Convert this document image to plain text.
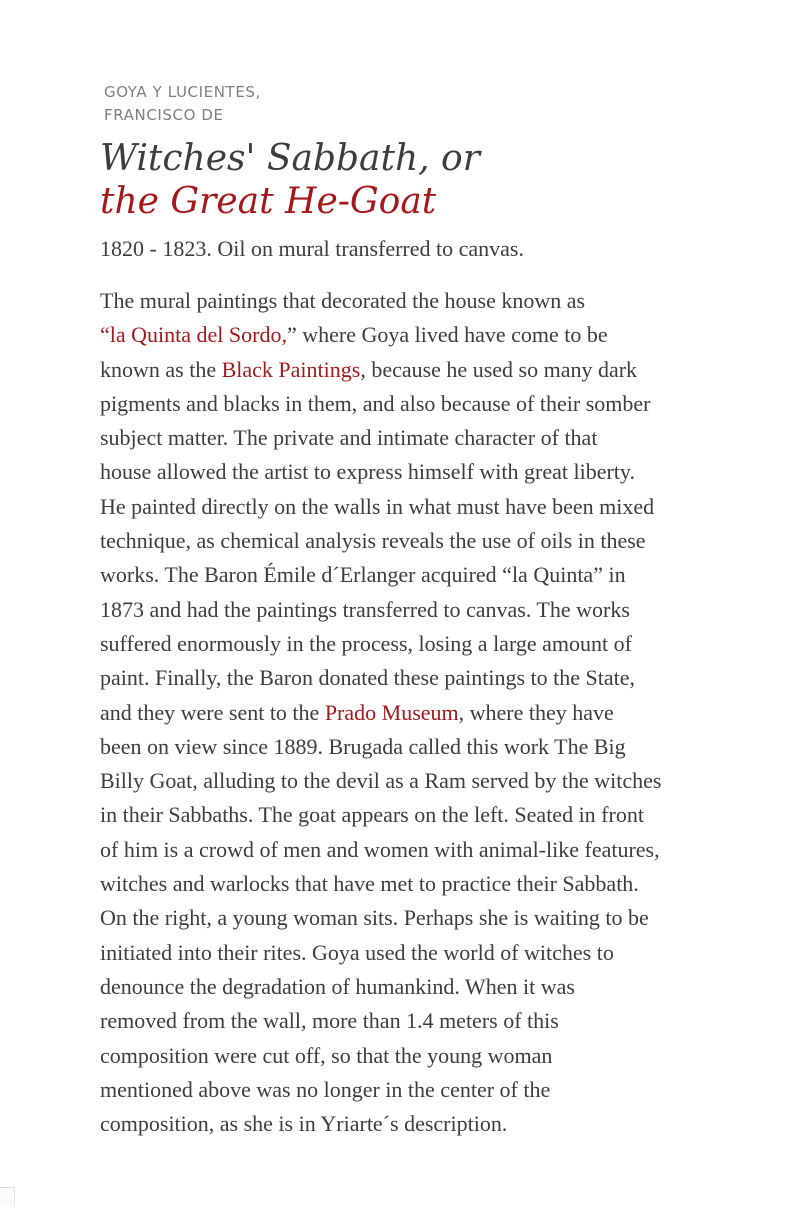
GOYA Y LUCIENTES,
FRANCISCO DE
Witches' Sabbath, or
the Great He-Goat

1820 - 1823. Oil on mural transferred to canvas.

The mural paintings that decorated the house known as
“la Quinta del Sordo,” where Goya lived have come to be
known as the Black Paintings, because he used so many dark
pigments and blacks in them, and also because of their somber
subject matter. The private and intimate character of that
house allowed the artist to express himself with great liberty.
He painted directly on the walls in what must have been mixed
technique, as chemical analysis reveals the use of oils in these
works. The Baron Émile d´Erlanger acquired “la Quinta” in
1873 and had the paintings transferred to canvas. The works
suffered enormously in the process, losing a large amount of
paint. Finally, the Baron donated these paintings to the State,
and they were sent to the Prado Museum, where they have
been on view since 1889. Brugada called this work The Big
Billy Goat, alluding to the devil as a Ram served by the witches
in their Sabbaths. The goat appears on the left. Seated in front
of him is a crowd of men and women with animal-like features,
witches and warlocks that have met to practice their Sabbath.
On the right, a young woman sits. Perhaps she is waiting to be
initiated into their rites. Goya used the world of witches to
denounce the degradation of humankind. When it was
removed from the wall, more than 1.4 meters of this
composition were cut off, so that the young woman
mentioned above was no longer in the center of the
composition, as she is in Yriarte´s description.
